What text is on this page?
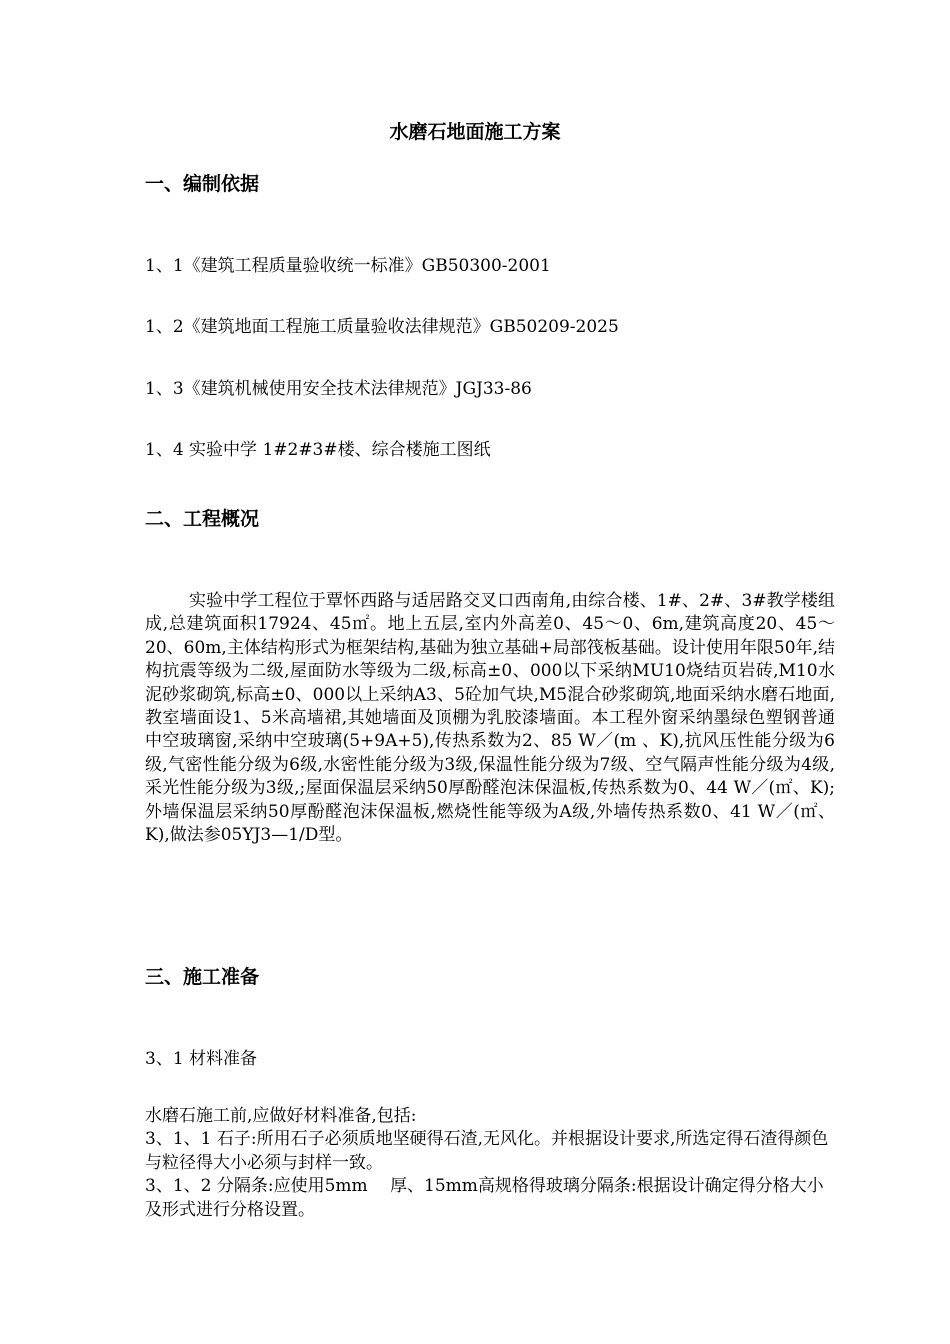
水磨石地面施工方案
一、编制依据

1、1《建筑工程质量验收统一标准》GB50300-2001

1、2《建筑地面工程施工质量验收法律规范》GB50209-2025

1、3《建筑机械使用安全技术法律规范》JGJ33-86

1、4 实验中学 1#2#3#楼、综合楼施工图纸

二、工程概况

实验中学工程位于覃怀西路与适居路交叉口西南角,由综合楼、1#、2#、3#教学楼组成,总建筑面积17924、45㎡。地上五层,室内外高差0、45～0、6m,建筑高度20、45～20、60m,主体结构形式为框架结构,基础为独立基础+局部筏板基础。设计使用年限50年,结构抗震等级为二级,屋面防水等级为二级,标高±0、000以下采纳MU10烧结页岩砖,M10水泥砂浆砌筑,标高±0、000以上采纳A3、5砼加气块,M5混合砂浆砌筑,地面采纳水磨石地面,教室墙面设1、5米高墙裙,其她墙面及顶棚为乳胶漆墙面。本工程外窗采纳墨绿色塑钢普通中空玻璃窗,采纳中空玻璃(5+9A+5),传热系数为2、85 W／(m 、K),抗风压性能分级为6级,气密性能分级为6级,水密性能分级为3级,保温性能分级为7级、空气隔声性能分级为4级,采光性能分级为3级,;屋面保温层采纳50厚酚醛泡沫保温板,传热系数为0、44 W／(㎡、K);外墙保温层采纳50厚酚醛泡沫保温板,燃烧性能等级为A级,外墙传热系数0、41 W／(㎡、K),做法参05YJ3—1/D型。

三、施工准备

3、1 材料准备

水磨石施工前,应做好材料准备,包括:
3、1、1 石子:所用石子必须质地坚硬得石渣,无风化。并根据设计要求,所选定得石渣得颜色与粒径得大小必须与封样一致。
3、1、2 分隔条:应使用5mm　 厚、15mm高规格得玻璃分隔条:根据设计确定得分格大小及形式进行分格设置。
